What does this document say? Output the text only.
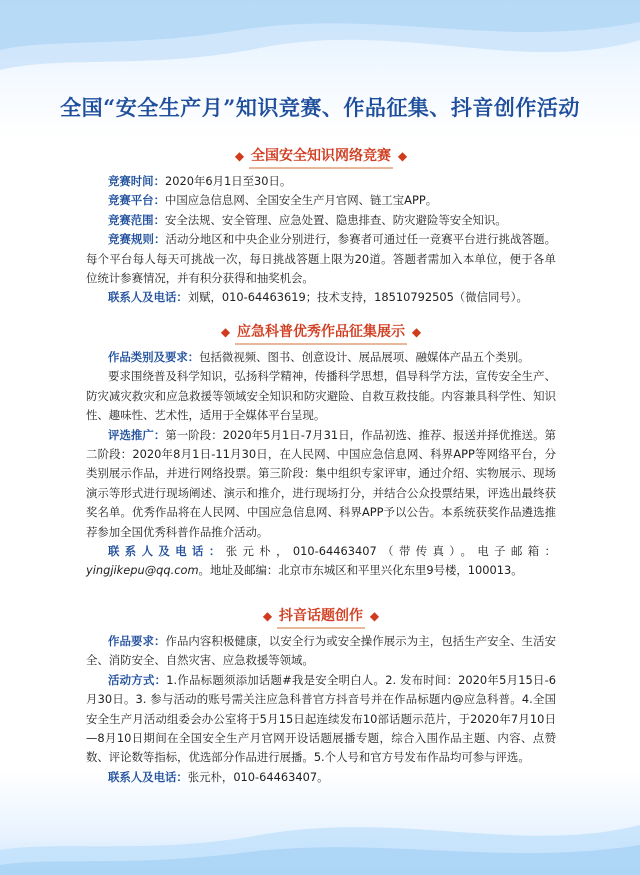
全国“安全生产月”知识竞赛、作品征集、抖音创作活动
◆ 全国安全知识网络竞赛 ◆

竞赛时间：2020年6月1日至30日。

竞赛平台：中国应急信息网、全国安全生产月官网、链工宝APP。

竞赛范围：安全法规、安全管理、应急处置、隐患排查、防灾避险等安全知识。

竞赛规则：活动分地区和中央企业分别进行，参赛者可通过任一竞赛平台进行挑战答题。每个平台每人每天可挑战一次，每日挑战答题上限为20道。答题者需加入本单位，便于各单位统计参赛情况，并有积分获得和抽奖机会。

联系人及电话：刘赋，010-64463619；技术支持，18510792505（微信同号）。

◆ 应急科普优秀作品征集展示 ◆

作品类别及要求：包括微视频、图书、创意设计、展品展项、融媒体产品五个类别。

要求围绕普及科学知识，弘扬科学精神，传播科学思想，倡导科学方法，宣传安全生产、防灾减灾救灾和应急救援等领域安全知识和防灾避险、自救互救技能。内容兼具科学性、知识性、趣味性、艺术性，适用于全媒体平台呈现。

评选推广：第一阶段：2020年5月1日-7月31日，作品初选、推荐、报送并择优推送。第二阶段：2020年8月1日-11月30日，在人民网、中国应急信息网、科界APP等网络平台，分类别展示作品，并进行网络投票。第三阶段：集中组织专家评审，通过介绍、实物展示、现场演示等形式进行现场阐述、演示和推介，进行现场打分，并结合公众投票结果，评选出最终获奖名单。优秀作品将在人民网、中国应急信息网、科界APP予以公告。本系统获奖作品遴选推荐参加全国优秀科普作品推介活动。

联系人及电话：张元朴，010-64463407（带传真）。电子邮箱：yingjikepu@qq.com。地址及邮编：北京市东城区和平里兴化东里9号楼，100013。

◆ 抖音话题创作 ◆

作品要求：作品内容积极健康，以安全行为或安全操作展示为主，包括生产安全、生活安全、消防安全、自然灾害、应急救援等领域。

活动方式：1.作品标题须添加话题#我是安全明白人。2. 发布时间：2020年5月15日-6月30日。3. 参与活动的账号需关注应急科普官方抖音号并在作品标题内@应急科普。4.全国安全生产月活动组委会办公室将于5月15日起连续发布10部话题示范片，于2020年7月10日—8月10日期间在全国安全生产月官网开设话题展播专题，综合入围作品主题、内容、点赞数、评论数等指标，优选部分作品进行展播。5.个人号和官方号发布作品均可参与评选。

联系人及电话：张元朴，010-64463407。
